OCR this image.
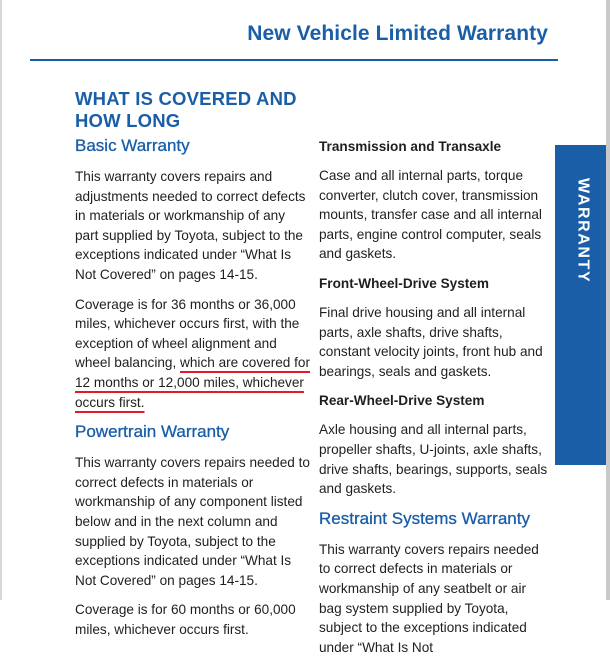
New Vehicle Limited Warranty
WARRANTY
WHAT IS COVERED AND
HOW LONG
Basic Warranty

This warranty covers repairs and adjustments needed to correct defects in materials or workmanship of any part supplied by Toyota, subject to the exceptions indicated under “What Is Not Covered” on pages 14-15.

Coverage is for 36 months or 36,000 miles, whichever occurs first, with the exception of wheel alignment and wheel balancing, which are covered for 12 months or 12,000 miles, whichever occurs first.

Powertrain Warranty

This warranty covers repairs needed to correct defects in materials or workmanship of any component listed below and in the next column and supplied by Toyota, subject to the exceptions indicated under “What Is Not Covered” on pages 14-15.

Coverage is for 60 months or 60,000 miles, whichever occurs first.

Transmission and Transaxle

Case and all internal parts, torque converter, clutch cover, transmission mounts, transfer case and all internal parts, engine control computer, seals and gaskets.

Front-Wheel-Drive System

Final drive housing and all internal parts, axle shafts, drive shafts, constant velocity joints, front hub and bearings, seals and gaskets.

Rear-Wheel-Drive System

Axle housing and all internal parts, propeller shafts, U-joints, axle shafts, drive shafts, bearings, supports, seals and gaskets.

Restraint Systems Warranty

This warranty covers repairs needed to correct defects in materials or workmanship of any seatbelt or air bag system supplied by Toyota, subject to the exceptions indicated under “What Is Not
